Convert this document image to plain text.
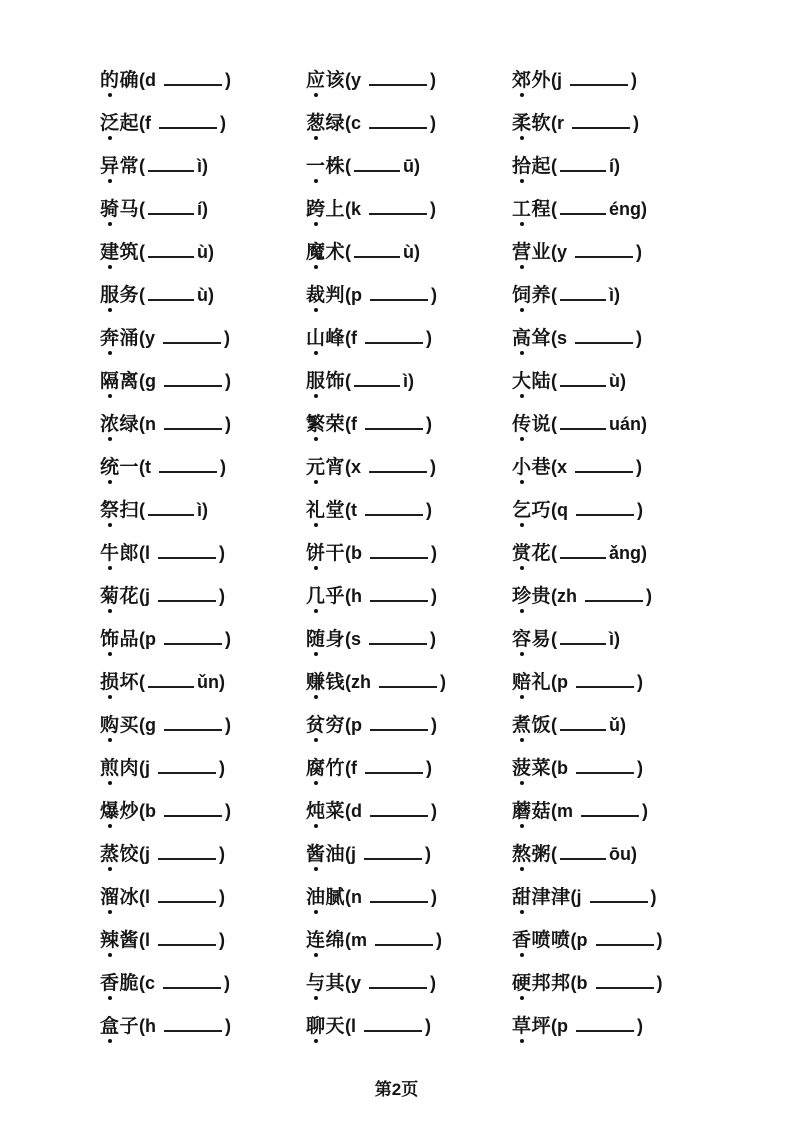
的确(d	)	应该(y	)	郊外(j	)
泛起(f	)	葱绿(c	)	柔软(r	)
异常(	ì)	一株(	ū)	拾起(	í)
骑马(	í)	跨上(k	)	工程(	éng)
建筑(	ù)	魔术(	ù)	营业(y	)
服务(	ù)	裁判(p	)	饲养(	ì)
奔涌(y	)	山峰(f	)	高耸(s	)
隔离(g	)	服饰(	ì)	大陆(	ù)
浓绿(n	)	繁荣(f	)	传说(	uán)
统一(t	)	元宵(x	)	小巷(x	)
祭扫(	ì)	礼堂(t	)	乞巧(q	)
牛郎(l	)	饼干(b	)	赏花(	ǎng)
菊花(j	)	几乎(h	)	珍贵(zh	)
饰品(p	)	随身(s	)	容易(	ì)
损坏(	ǔn)	赚钱(zh	)	赔礼(p	)
购买(g	)	贫穷(p	)	煮饭(	ǔ)
煎肉(j	)	腐竹(f	)	菠菜(b	)
爆炒(b	)	炖菜(d	)	蘑菇(m	)
蒸饺(j	)	酱油(j	)	熬粥(	ōu)
溜冰(l	)	油腻(n	)	甜津津(j	)
辣酱(l	)	连绵(m	)	香喷喷(p	)
香脆(c	)	与其(y	)	硬邦邦(b	)
盒子(h	)	聊天(l	)	草坪(p	)
第2页
